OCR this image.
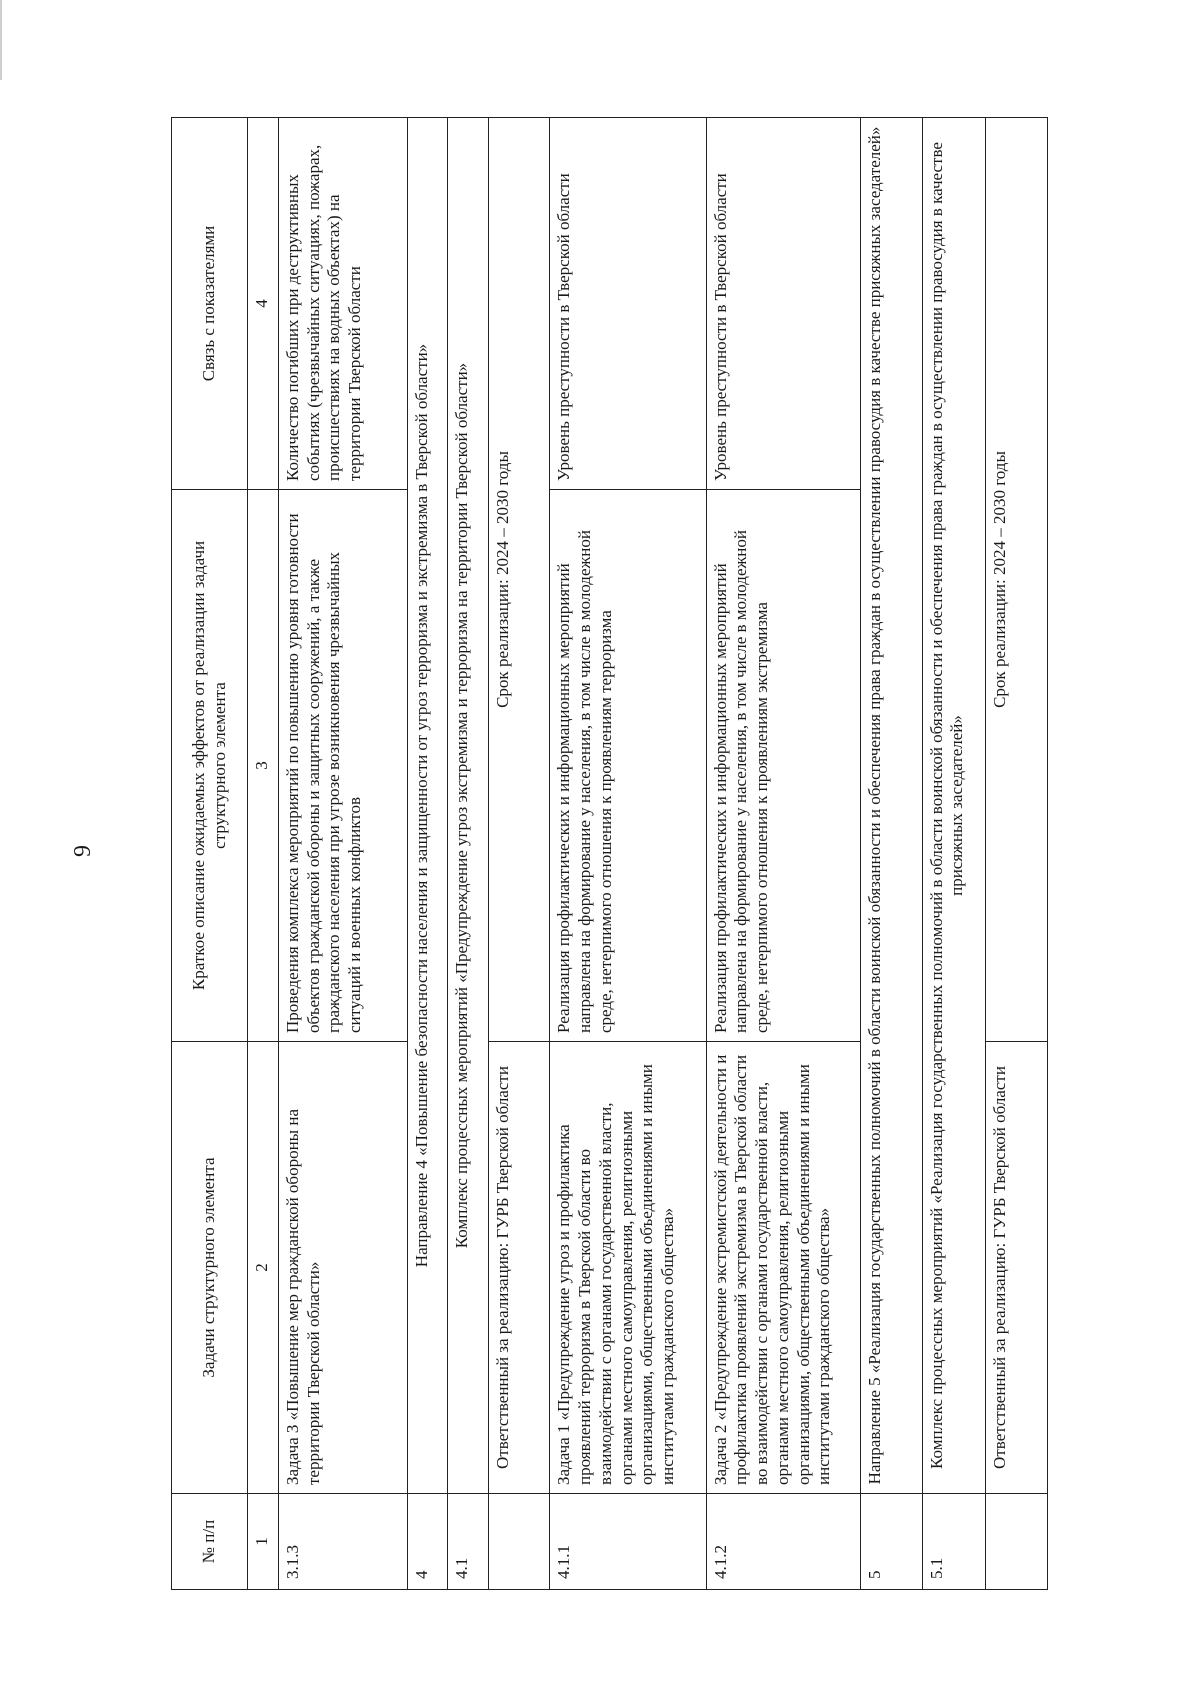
9
№ п/п	Задачи структурного элемента	Краткое описание ожидаемых эффектов от реализации задачи структурного элемента	Связь с показателями
1	2	3	4
3.1.3	Задача 3 «Повышение мер гражданской обороны на территории Тверской области»	Проведения комплекса мероприятий по повышению уровня готовности объектов гражданской обороны и защитных сооружений, а также гражданского населения при угрозе возникновения чрезвычайных ситуаций и военных конфликтов	Количество погибших при деструктивных событиях (чрезвычайных ситуациях, пожарах, происшествиях на водных объектах) на территории Тверской области
4	Направление 4 «Повышение безопасности населения и защищенности от угроз терроризма и экстремизма в Тверской области»		
4.1	Комплекс процессных мероприятий «Предупреждение угроз экстремизма и терроризма на территории Тверской области»		
	Ответственный за реализацию: ГУРБ Тверской области	Срок реализации: 2024 – 2030 годы	
4.1.1	Задача 1 «Предупреждение угроз и профилактика проявлений терроризма в Тверской области во взаимодействии с органами государственной власти, органами местного самоуправления, религиозными организациями, общественными объединениями и иными институтами гражданского общества»	Реализация профилактических и информационных мероприятий направлена на формирование у населения, в том числе в молодежной среде, нетерпимого отношения к проявлениям терроризма	Уровень преступности в Тверской области
4.1.2	Задача 2 «Предупреждение экстремистской деятельности и профилактика проявлений экстремизма в Тверской области во взаимодействии с органами государственной власти, органами местного самоуправления, религиозными организациями, общественными объединениями и иными институтами гражданского общества»	Реализация профилактических и информационных мероприятий направлена на формирование у населения, в том числе в молодежной среде, нетерпимого отношения к проявлениям экстремизма	Уровень преступности в Тверской области
5	Направление 5 «Реализация государственных полномочий в области воинской обязанности и обеспечения права граждан в осуществлении правосудия в качестве присяжных заседателей»		
5.1	Комплекс процессных мероприятий «Реализация государственных полномочий в области воинской обязанности и обеспечения права граждан в осуществлении правосудия в качестве присяжных заседателей»		
	Ответственный за реализацию: ГУРБ Тверской области	Срок реализации: 2024 – 2030 годы	
